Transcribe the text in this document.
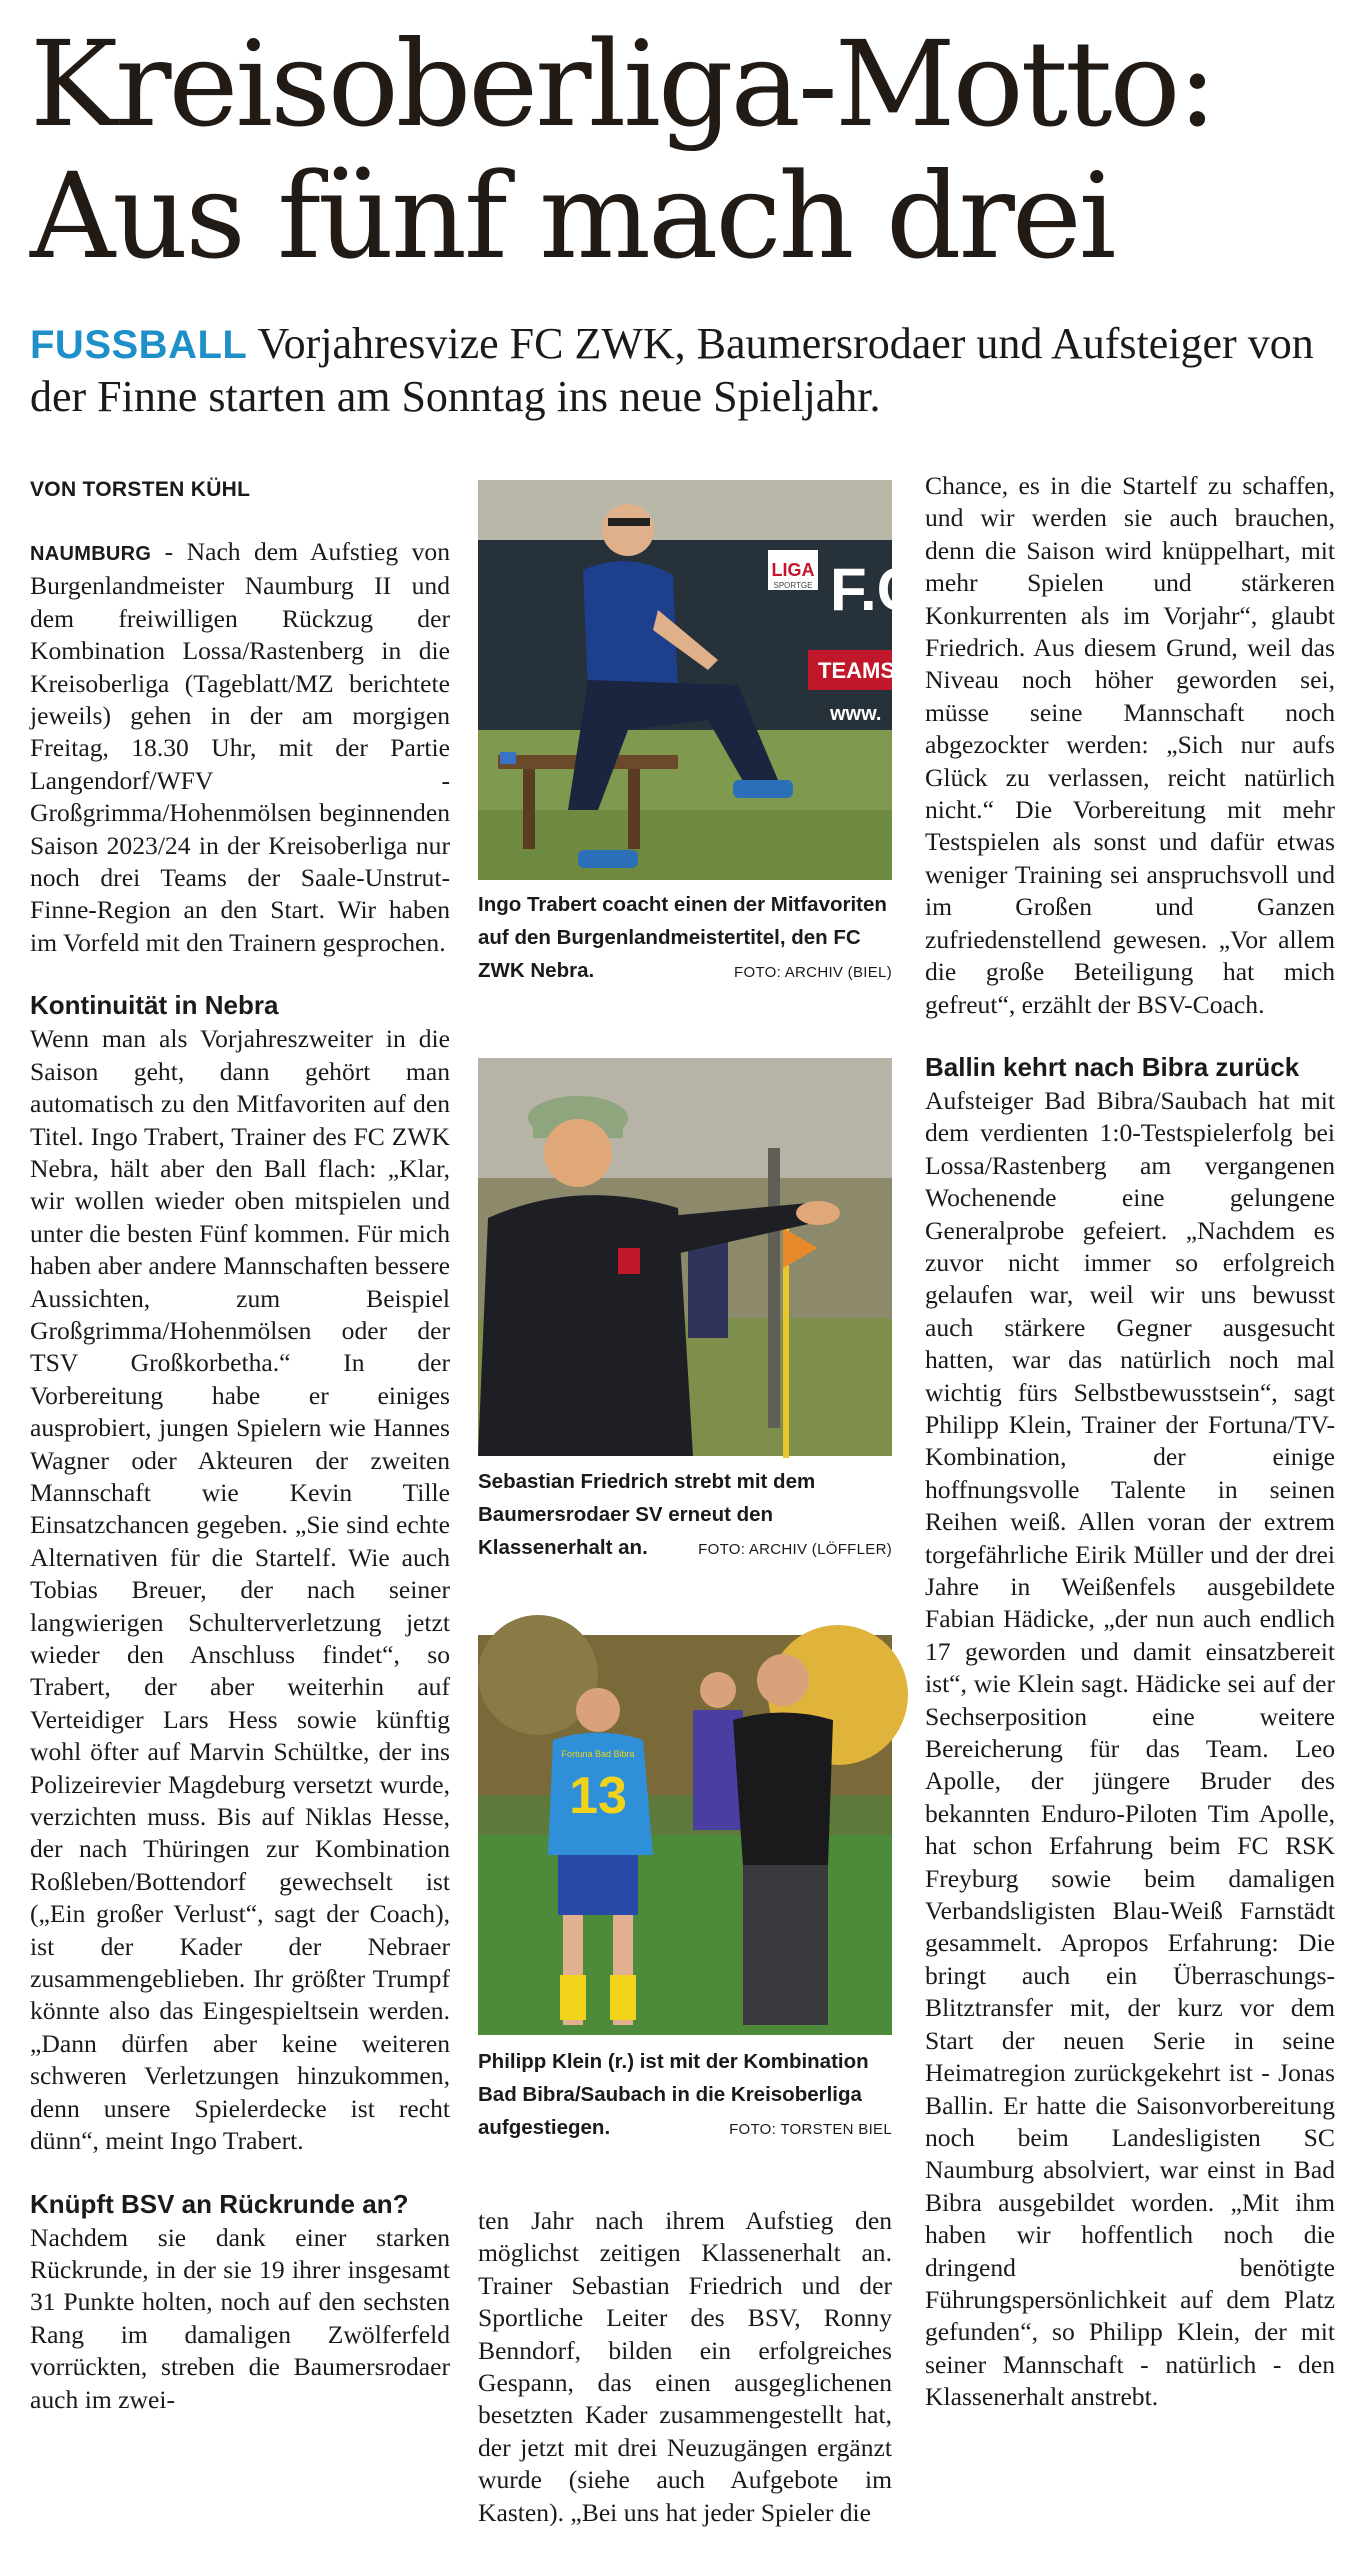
Kreisoberliga-Motto:
Aus fünf mach drei

FUSSBALL Vorjahresvize FC ZWK, Baumersrodaer und Aufsteiger von der Finne starten am Sonntag ins neue Spieljahr.

VON TORSTEN KÜHL

NAUMBURG - Nach dem Aufstieg von Burgenlandmeister Naumburg II und dem freiwilligen Rückzug der Kombination Lossa/Rastenberg in die Kreisoberliga (Tageblatt/MZ berichtete jeweils) gehen in der am morgigen Freitag, 18.30 Uhr, mit der Partie Langendorf/WFV - Großgrimma/Hohenmölsen beginnenden Saison 2023/24 in der Kreisoberliga nur noch drei Teams der Saale-Unstrut-Finne-Region an den Start. Wir haben im Vorfeld mit den Trainern gesprochen.

Kontinuität in Nebra

Wenn man als Vorjahreszweiter in die Saison geht, dann gehört man automatisch zu den Mitfavoriten auf den Titel. Ingo Trabert, Trainer des FC ZWK Nebra, hält aber den Ball flach: „Klar, wir wollen wieder oben mitspielen und unter die besten Fünf kommen. Für mich haben aber andere Mannschaften bessere Aussichten, zum Beispiel Großgrimma/Hohenmölsen oder der TSV Großkorbetha.“ In der Vorbereitung habe er einiges ausprobiert, jungen Spielern wie Hannes Wagner oder Akteuren der zweiten Mannschaft wie Kevin Tille Einsatzchancen gegeben. „Sie sind echte Alternativen für die Startelf. Wie auch Tobias Breuer, der nach seiner langwierigen Schulterverletzung jetzt wieder den Anschluss findet“, so Trabert, der aber weiterhin auf Verteidiger Lars Hess sowie künftig wohl öfter auf Marvin Schültke, der ins Polizeirevier Magdeburg versetzt wurde, verzichten muss. Bis auf Niklas Hesse, der nach Thüringen zur Kombination Roßleben/Bottendorf gewechselt ist („Ein großer Verlust“, sagt der Coach), ist der Kader der Nebraer zusammengeblieben. Ihr größter Trumpf könnte also das Eingespieltsein werden. „Dann dürfen aber keine weiteren schweren Verletzungen hinzukommen, denn unsere Spielerdecke ist recht dünn“, meint Ingo Trabert.

Knüpft BSV an Rückrunde an?

Nachdem sie dank einer starken Rückrunde, in der sie 19 ihrer insgesamt 31 Punkte holten, noch auf den sechsten Rang im damaligen Zwölferfeld vorrückten, streben die Baumersrodaer auch im zwei-

LIGA
SPORTGE F.C.R
TEAMS
www.
Ingo Trabert coacht einen der Mitfavoriten auf den Burgenlandmeistertitel, den FC ZWK Nebra.	FOTO: ARCHIV (BIEL)
Sebastian Friedrich strebt mit dem Baumersrodaer SV erneut den Klassenerhalt an.	FOTO: ARCHIV (LÖFFLER)
13
Fortuna Bad Bibra
Philipp Klein (r.) ist mit der Kombination Bad Bibra/Saubach in die Kreisoberliga aufgestiegen.	FOTO: TORSTEN BIEL

ten Jahr nach ihrem Aufstieg den möglichst zeitigen Klassenerhalt an. Trainer Sebastian Friedrich und der Sportliche Leiter des BSV, Ronny Benndorf, bilden ein erfolgreiches Gespann, das einen ausgeglichenen besetzten Kader zusammengestellt hat, der jetzt mit drei Neuzugängen ergänzt wurde (siehe auch Aufgebote im Kasten). „Bei uns hat jeder Spieler die

Chance, es in die Startelf zu schaffen, und wir werden sie auch brauchen, denn die Saison wird knüppelhart, mit mehr Spielen und stärkeren Konkurrenten als im Vorjahr“, glaubt Friedrich. Aus diesem Grund, weil das Niveau noch höher geworden sei, müsse seine Mannschaft noch abgezockter werden: „Sich nur aufs Glück zu verlassen, reicht natürlich nicht.“ Die Vorbereitung mit mehr Testspielen als sonst und dafür etwas weniger Training sei anspruchsvoll und im Großen und Ganzen zufriedenstellend gewesen. „Vor allem die große Beteiligung hat mich gefreut“, erzählt der BSV-Coach.

Ballin kehrt nach Bibra zurück

Aufsteiger Bad Bibra/Saubach hat mit dem verdienten 1:0-Testspielerfolg bei Lossa/Rastenberg am vergangenen Wochenende eine gelungene Generalprobe gefeiert. „Nachdem es zuvor nicht immer so erfolgreich gelaufen war, weil wir uns bewusst auch stärkere Gegner ausgesucht hatten, war das natürlich noch mal wichtig fürs Selbstbewusstsein“, sagt Philipp Klein, Trainer der Fortuna/TV-Kombination, der einige hoffnungsvolle Talente in seinen Reihen weiß. Allen voran der extrem torgefährliche Eirik Müller und der drei Jahre in Weißenfels ausgebildete Fabian Hädicke, „der nun auch endlich 17 geworden und damit einsatzbereit ist“, wie Klein sagt. Hädicke sei auf der Sechserposition eine weitere Bereicherung für das Team. Leo Apolle, der jüngere Bruder des bekannten Enduro-Piloten Tim Apolle, hat schon Erfahrung beim FC RSK Freyburg sowie beim damaligen Verbandsligisten Blau-Weiß Farnstädt gesammelt. Apropos Erfahrung: Die bringt auch ein Überraschungs-Blitztransfer mit, der kurz vor dem Start der neuen Serie in seine Heimatregion zurückgekehrt ist - Jonas Ballin. Er hatte die Saisonvorbereitung noch beim Landesligisten SC Naumburg absolviert, war einst in Bad Bibra ausgebildet worden. „Mit ihm haben wir hoffentlich noch die dringend benötigte Führungspersönlichkeit auf dem Platz gefunden“, so Philipp Klein, der mit seiner Mannschaft - natürlich - den Klassenerhalt anstrebt.
